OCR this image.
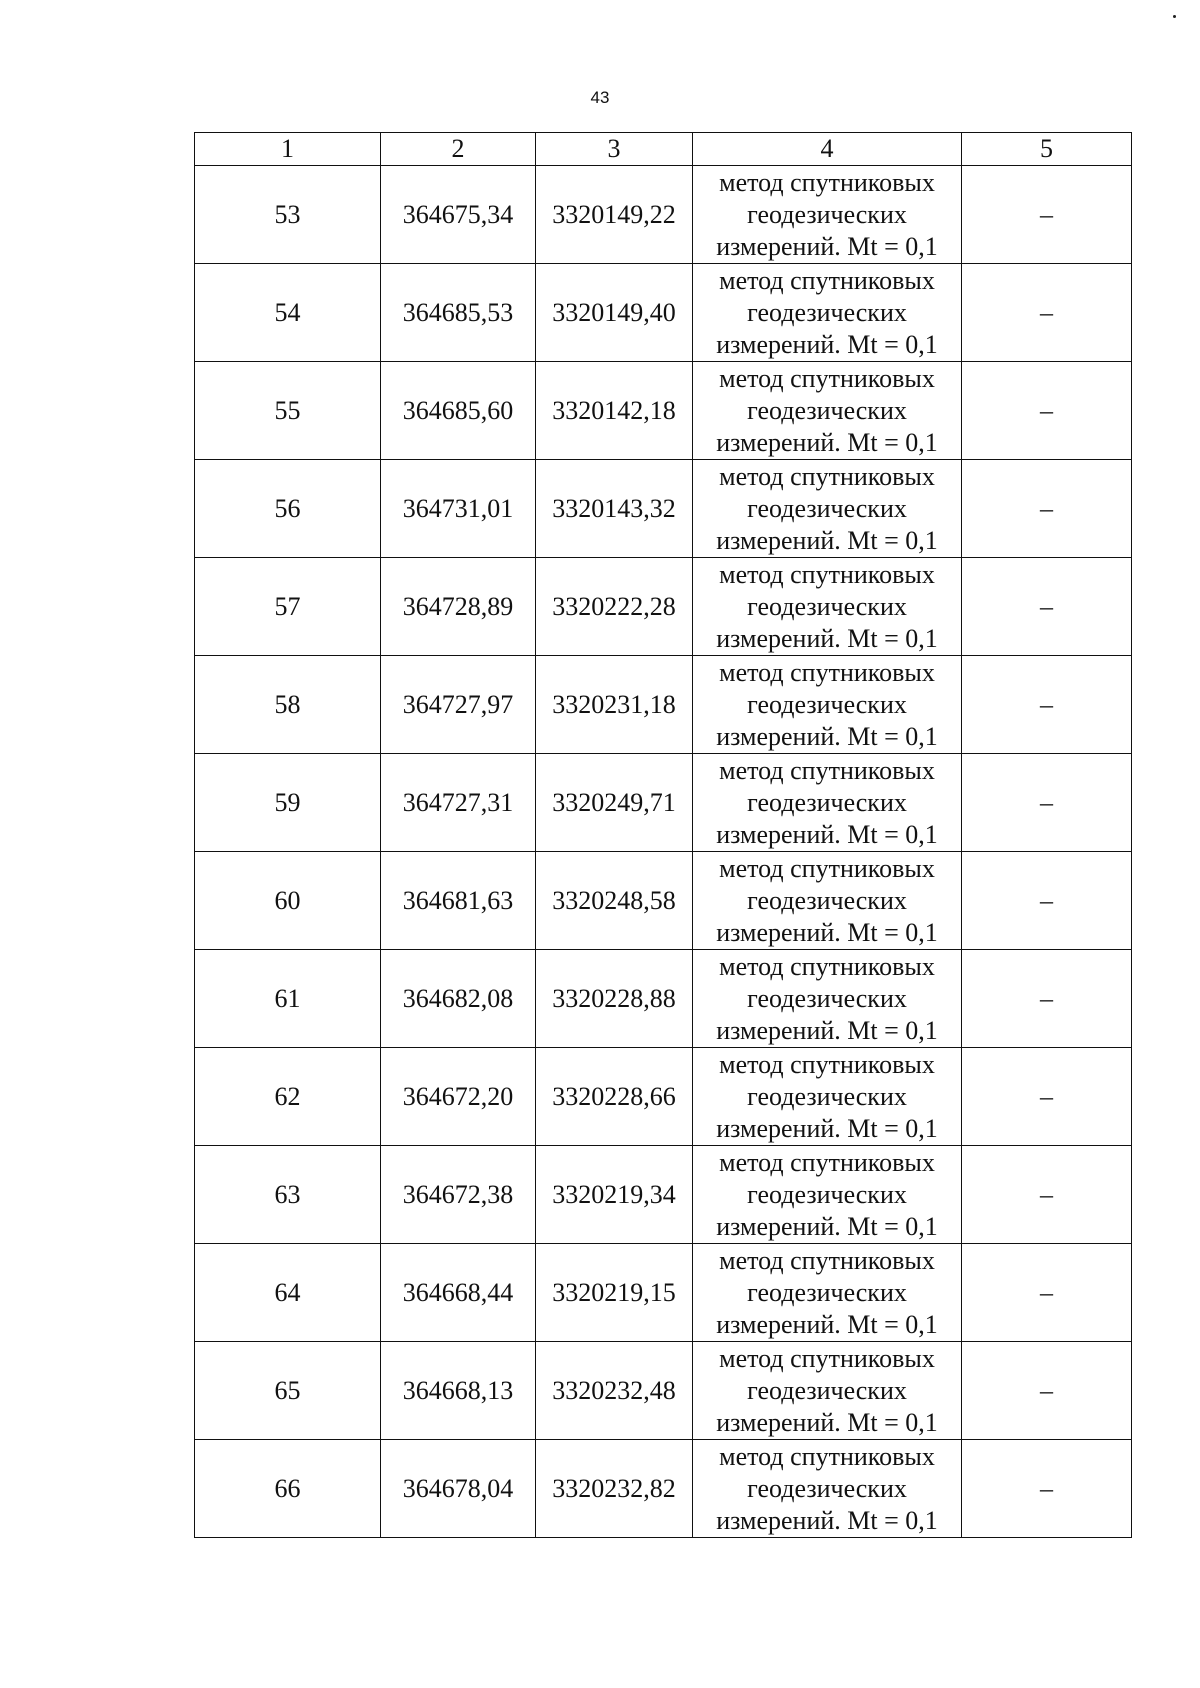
43
1	2	3	4	5
53	364675,34	3320149,22	метод спутниковых геодезических измерений. Mt = 0,1	–
54	364685,53	3320149,40	метод спутниковых геодезических измерений. Mt = 0,1	–
55	364685,60	3320142,18	метод спутниковых геодезических измерений. Mt = 0,1	–
56	364731,01	3320143,32	метод спутниковых геодезических измерений. Mt = 0,1	–
57	364728,89	3320222,28	метод спутниковых геодезических измерений. Mt = 0,1	–
58	364727,97	3320231,18	метод спутниковых геодезических измерений. Mt = 0,1	–
59	364727,31	3320249,71	метод спутниковых геодезических измерений. Mt = 0,1	–
60	364681,63	3320248,58	метод спутниковых геодезических измерений. Mt = 0,1	–
61	364682,08	3320228,88	метод спутниковых геодезических измерений. Mt = 0,1	–
62	364672,20	3320228,66	метод спутниковых геодезических измерений. Mt = 0,1	–
63	364672,38	3320219,34	метод спутниковых геодезических измерений. Mt = 0,1	–
64	364668,44	3320219,15	метод спутниковых геодезических измерений. Mt = 0,1	–
65	364668,13	3320232,48	метод спутниковых геодезических измерений. Mt = 0,1	–
66	364678,04	3320232,82	метод спутниковых геодезических измерений. Mt = 0,1	–
